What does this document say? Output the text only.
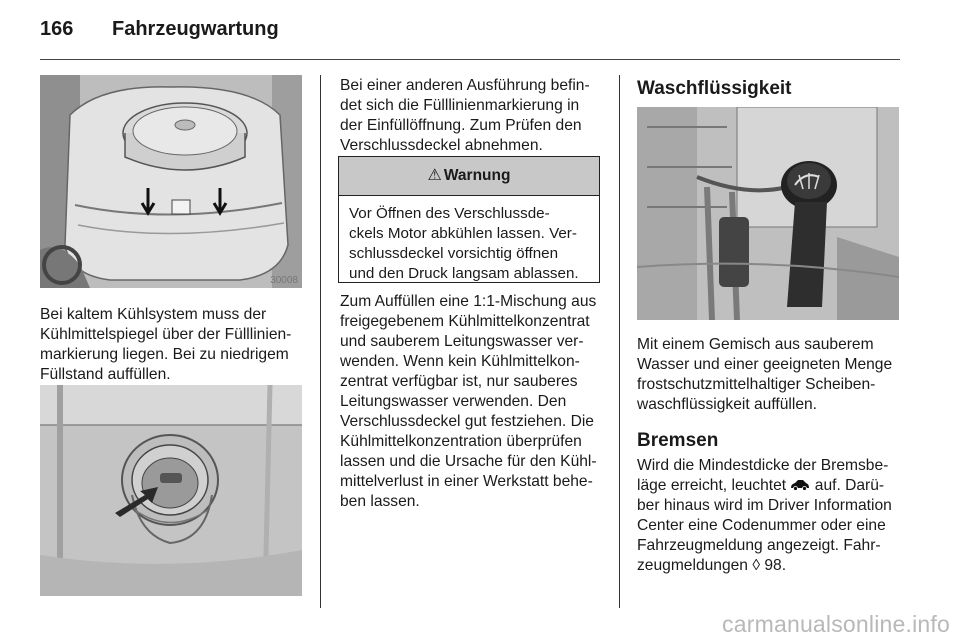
166 Fahrzeugwartung
30008

Bei kaltem Kühlsystem muss der

Kühlmittelspiegel über der Fülllinien-

markierung liegen. Bei zu niedrigem

Füllstand auffüllen.

Bei einer anderen Ausführung befin-

det sich die Fülllinienmarkierung in

der Einfüllöffnung. Zum Prüfen den

Verschlussdeckel abnehmen.

⚠ Warnung
Vor Öffnen des Verschlussde-
ckels Motor abkühlen lassen. Ver-
schlussdeckel vorsichtig öffnen
und den Druck langsam ablassen.

Zum Auffüllen eine 1:1-Mischung aus

freigegebenem Kühlmittelkonzentrat

und sauberem Leitungswasser ver-

wenden. Wenn kein Kühlmittelkon-

zentrat verfügbar ist, nur sauberes

Leitungswasser verwenden. Den

Verschlussdeckel gut festziehen. Die

Kühlmittelkonzentration überprüfen

lassen und die Ursache für den Kühl-

mittelverlust in einer Werkstatt behe-

ben lassen.

Waschflüssigkeit

Mit einem Gemisch aus sauberem

Wasser und einer geeigneten Menge

frostschutzmittelhaltiger Scheiben-

waschflüssigkeit auffüllen.

Bremsen

Wird die Mindestdicke der Bremsbe-

läge erreicht, leuchtet  auf. Darü-

ber hinaus wird im Driver Information

Center eine Codenummer oder eine

Fahrzeugmeldung angezeigt. Fahr-

zeugmeldungen ◊ 98.

carmanualsonline.info
